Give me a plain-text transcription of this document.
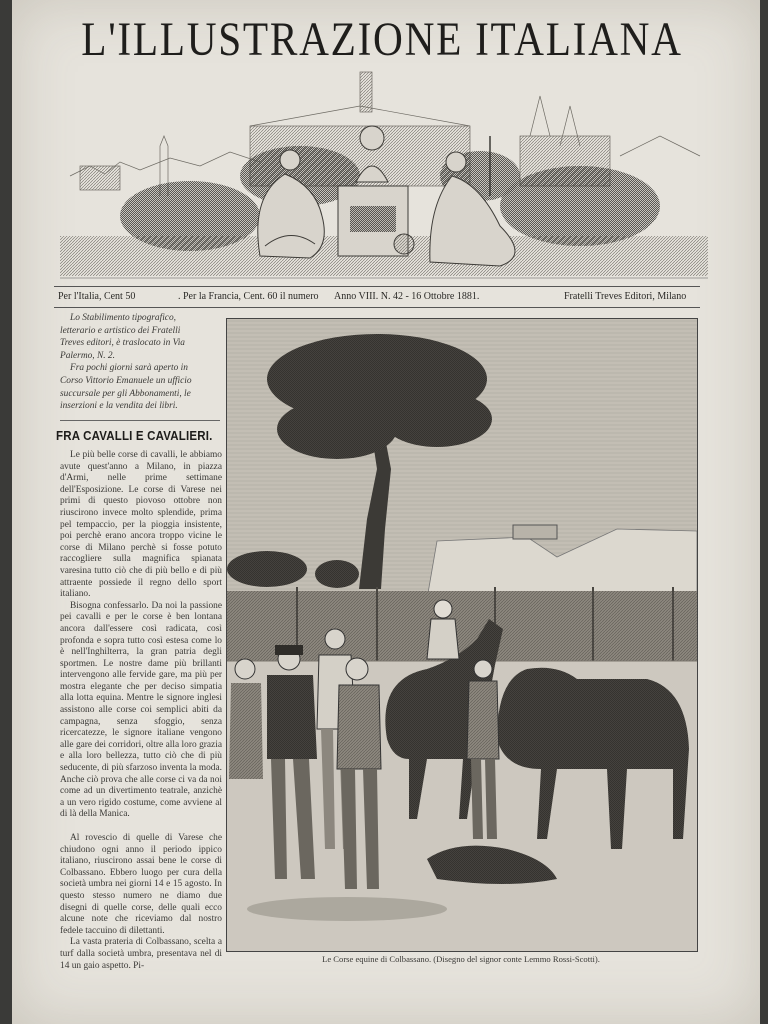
L'ILLUSTRAZIONE ITALIANA
Per l'Italia, Cent 50	. Per la Francia, Cent. 60 il numero Anno VIII. N. 42 - 16 Ottobre 1881.	Fratelli Treves Editori, Milano
Lo Stabilimento tipografico,
letterario e artistico dei Fratelli
Treves editori, è traslocato in Via
Palermo, N. 2.
Fra pochi giorni sarà aperto in
Corso Vittorio Emanuele un ufficio
succursale per gli Abbonamenti, le
inserzioni e la vendita dei libri.
FRA CAVALLI E CAVALIERI.

Le più belle corse di cavalli, le abbiamo avute quest'anno a Milano, in piazza d'Armi, nelle prime settimane dell'Esposizione. Le corse di Varese nei primi di questo piovoso ottobre non riuscirono invece molto splendide, prima pel tempaccio, per la pioggia insistente, poi perchè erano ancora troppo vicine le corse di Milano perchè si fosse potuto raccogliere sulla magnifica spianata varesina tutto ciò che di più bello e di più attraente possiede il regno dello sport italiano.

Bisogna confessarlo. Da noi la passione pei cavalli e per le corse è ben lontana ancora dall'essere così radicata, così profonda e sopra tutto così estesa come lo è nell'Inghilterra, la gran patria degli sportmen. Le nostre dame più brillanti intervengono alle fervide gare, ma più per mostra elegante che per deciso simpatia alla lotta equina. Mentre le signore inglesi assistono alle corse coi semplici abiti da campagna, senza sfoggio, senza ricercatezze, le signore italiane vengono alle gare dei corridori, oltre alla loro grazia e alla loro bellezza, tutto ciò che di più seducente, di più sfarzoso inventa la moda. Anche ciò prova che alle corse ci va da noi come ad un divertimento teatrale, anzichè a un vero rigido costume, come avviene al di là della Manica.

Al rovescio di quelle di Varese che chiudono ogni anno il periodo ippico italiano, riuscirono assai bene le corse di Colbassano. Ebbero luogo per cura della società umbra nei giorni 14 e 15 agosto. In questo stesso numero ne diamo due disegni di quelle corse, delle quali ecco alcune note che riceviamo dal nostro fedele taccuino di dilettanti.

La vasta prateria di Colbassano, scelta a turf dalla società umbra, presentava nel di 14 un gaio aspetto. Pi-

Le Corse equine di Colbassano. (Disegno del signor conte Lemmo Rossi-Scotti).
